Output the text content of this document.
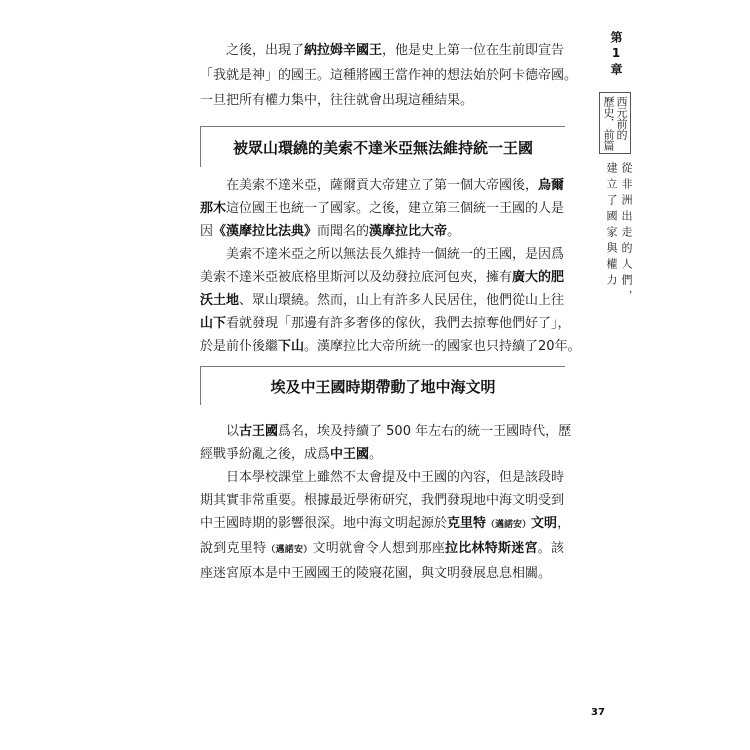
之後，出現了納拉姆辛國王，他是史上第一位在生前即宣告
「我就是神」的國王。這種將國王當作神的想法始於阿卡德帝國。
一旦把所有權力集中，往往就會出現這種結果。
被眾山環繞的美索不達米亞無法維持統一王國
在美索不達米亞，薩爾貢大帝建立了第一個大帝國後，烏爾
那木這位國王也統一了國家。之後，建立第三個統一王國的人是
因《漢摩拉比法典》而聞名的漢摩拉比大帝。
美索不達米亞之所以無法長久維持一個統一的王國，是因爲
美索不達米亞被底格里斯河以及幼發拉底河包夾，擁有廣大的肥
沃土地、眾山環繞。然而，山上有許多人民居住，他們從山上往
山下看就發現「那邊有許多奢侈的傢伙，我們去掠奪他們好了」，
於是前仆後繼下山。漢摩拉比大帝所統一的國家也只持續了20年。
埃及中王國時期帶動了地中海文明
以古王國爲名，埃及持續了 500 年左右的統一王國時代，歷
經戰爭紛亂之後，成爲中王國。
日本學校課堂上雖然不太會提及中王國的內容，但是該段時
期其實非常重要。根據最近學術研究，我們發現地中海文明受到
中王國時期的影響很深。地中海文明起源於克里特（邁諾安）文明，
說到克里特（邁諾安）文明就會令人想到那座拉比林特斯迷宮。該
座迷宮原本是中王國國王的陵寢花園，與文明發展息息相關。
第1章
西元前的
歷史．前篇
從非洲出走的人們，
建立了國家與權力
37
